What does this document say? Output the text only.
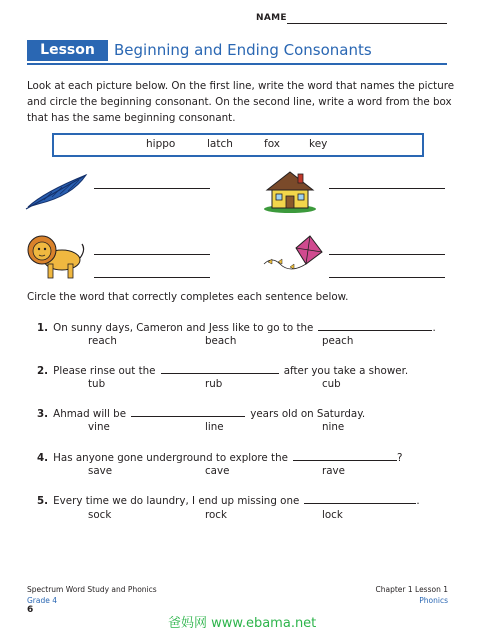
NAME
Lesson 1.1
Beginning and Ending Consonants
Look at each picture below. On the first line, write the word that names the picture and circle the beginning consonant. On the second line, write a word from the box that has the same beginning consonant.
hippo	latch	fox	key
Circle the word that correctly completes each sentence below.
1. On sunny days, Cameron and Jess like to go to the	.
reach	beach	peach
2. Please rinse out the	after you take a shower.
tub	rub	cub
3. Ahmad will be	years old on Saturday.
vine	line	nine
4. Has anyone gone underground to explore the	?
save	cave	rave
5. Every time we do laundry, I end up missing one	.
sock	rock	lock
Spectrum Word Study and Phonics
Grade 4
6
Chapter 1 Lesson 1
Phonics
爸妈网 www.ebama.net
